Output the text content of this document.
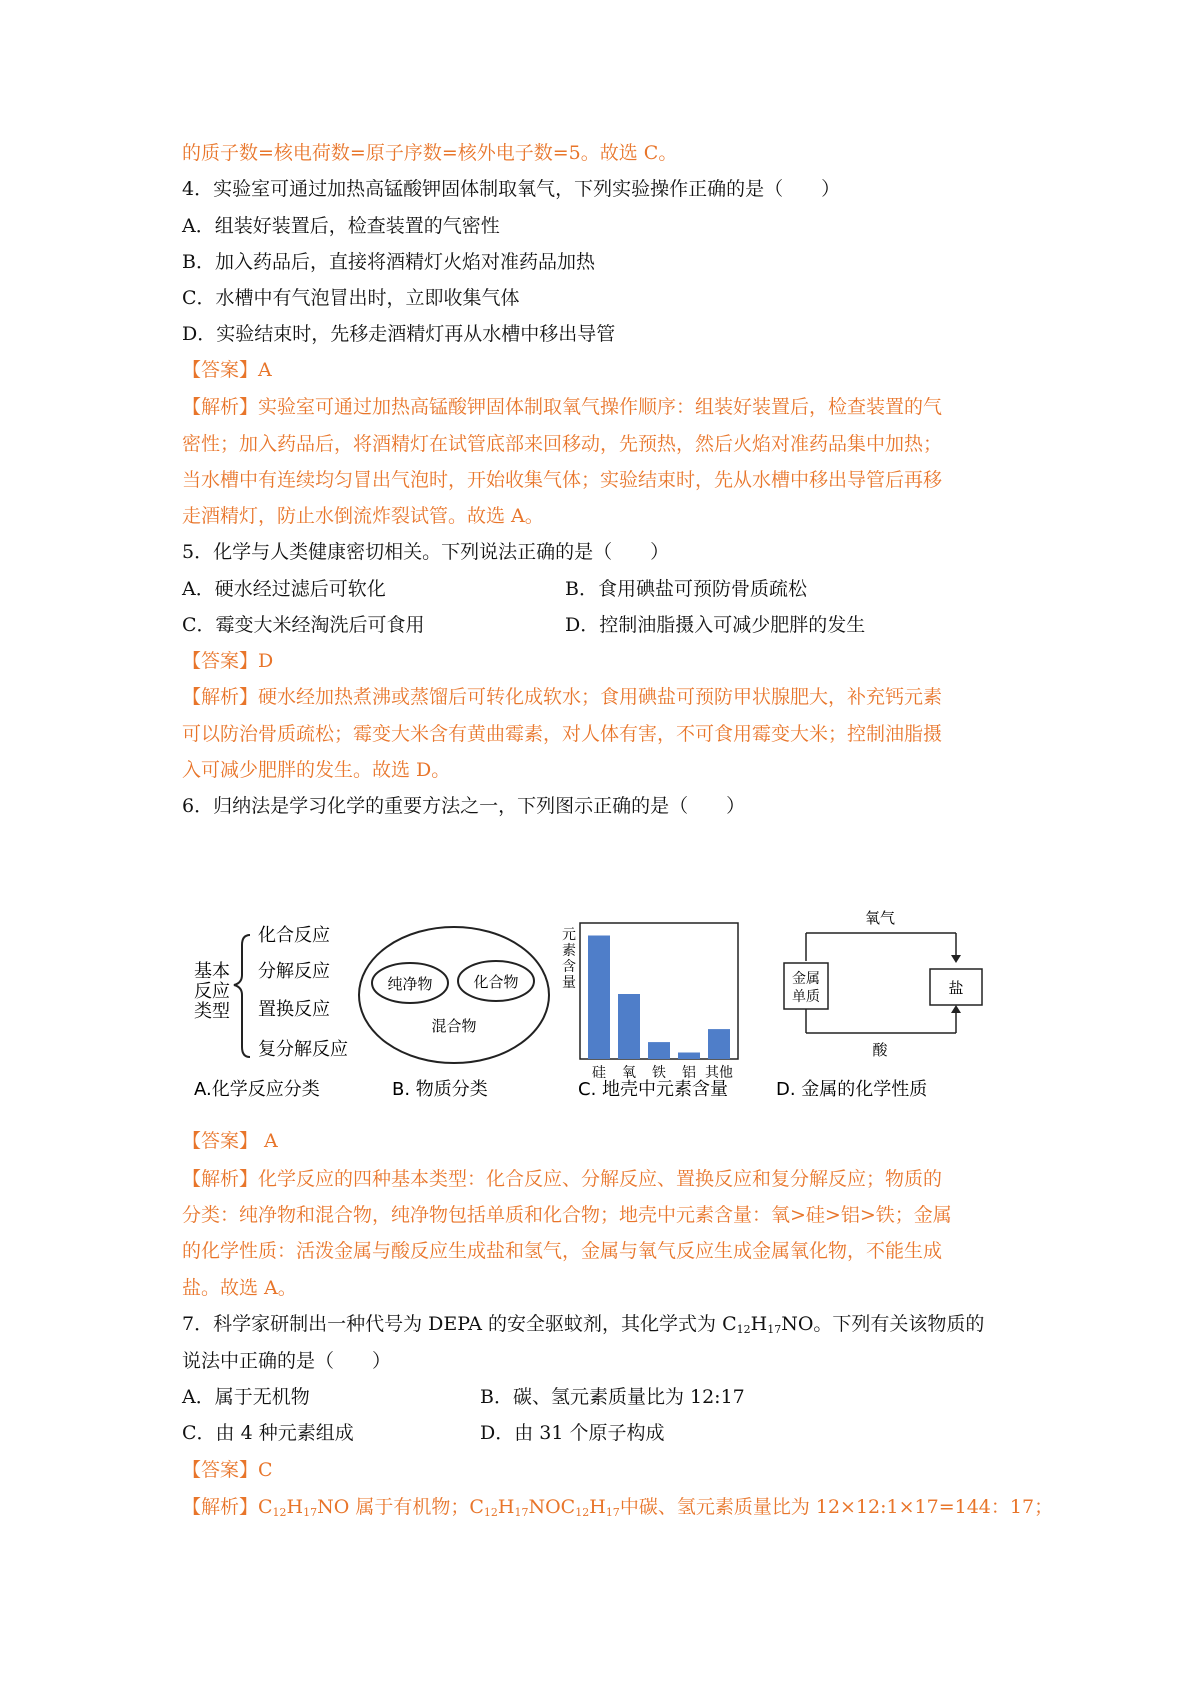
的质子数=核电荷数=原子序数=核外电子数=5。故选 C。
4．实验室可通过加热高锰酸钾固体制取氧气，下列实验操作正确的是（　　）
A．组装好装置后，检查装置的气密性
B．加入药品后，直接将酒精灯火焰对准药品加热
C．水槽中有气泡冒出时，立即收集气体
D．实验结束时，先移走酒精灯再从水槽中移出导管
【答案】A
【解析】实验室可通过加热高锰酸钾固体制取氧气操作顺序：组装好装置后，检查装置的气
密性；加入药品后，将酒精灯在试管底部来回移动，先预热，然后火焰对准药品集中加热；
当水槽中有连续均匀冒出气泡时，开始收集气体；实验结束时，先从水槽中移出导管后再移
走酒精灯，防止水倒流炸裂试管。故选 A。
5．化学与人类健康密切相关。下列说法正确的是（　　）
A．硬水经过滤后可软化	B．食用碘盐可预防骨质疏松
C．霉变大米经淘洗后可食用	D．控制油脂摄入可减少肥胖的发生
【答案】D
【解析】硬水经加热煮沸或蒸馏后可转化成软水；食用碘盐可预防甲状腺肥大，补充钙元素
可以防治骨质疏松；霉变大米含有黄曲霉素，对人体有害，不可食用霉变大米；控制油脂摄
入可减少肥胖的发生。故选 D。
6．归纳法是学习化学的重要方法之一，下列图示正确的是（　　）
基本
反应
类型
化合反应
分解反应
置换反应
复分解反应
A.化学反应分类
纯净物	化合物
混合物
B. 物质分类
元
素
含
量
硅 氧 铁 铝 其他
C. 地壳中元素含量
氧气
金属
单质	盐
酸
D. 金属的化学性质
【答案】 A
【解析】化学反应的四种基本类型：化合反应、分解反应、置换反应和复分解反应；物质的
分类：纯净物和混合物，纯净物包括单质和化合物；地壳中元素含量：氧>硅>铝>铁；金属
的化学性质：活泼金属与酸反应生成盐和氢气，金属与氧气反应生成金属氧化物，不能生成
盐。故选 A。
7．科学家研制出一种代号为 DEPA 的安全驱蚊剂，其化学式为 $C_{12}H_{17}NO$。下列有关该物质的
说法中正确的是（　　）
A．属于无机物	B．碳、氢元素质量比为 12:17
C．由 4 种元素组成	D．由 31 个原子构成
【答案】C
【解析】$C_{12}H_{17}NO$ 属于有机物；$C_{12}H_{17}NOC_{12}H_{17}$中碳、氢元素质量比为 12×12:1×17=144：17；
